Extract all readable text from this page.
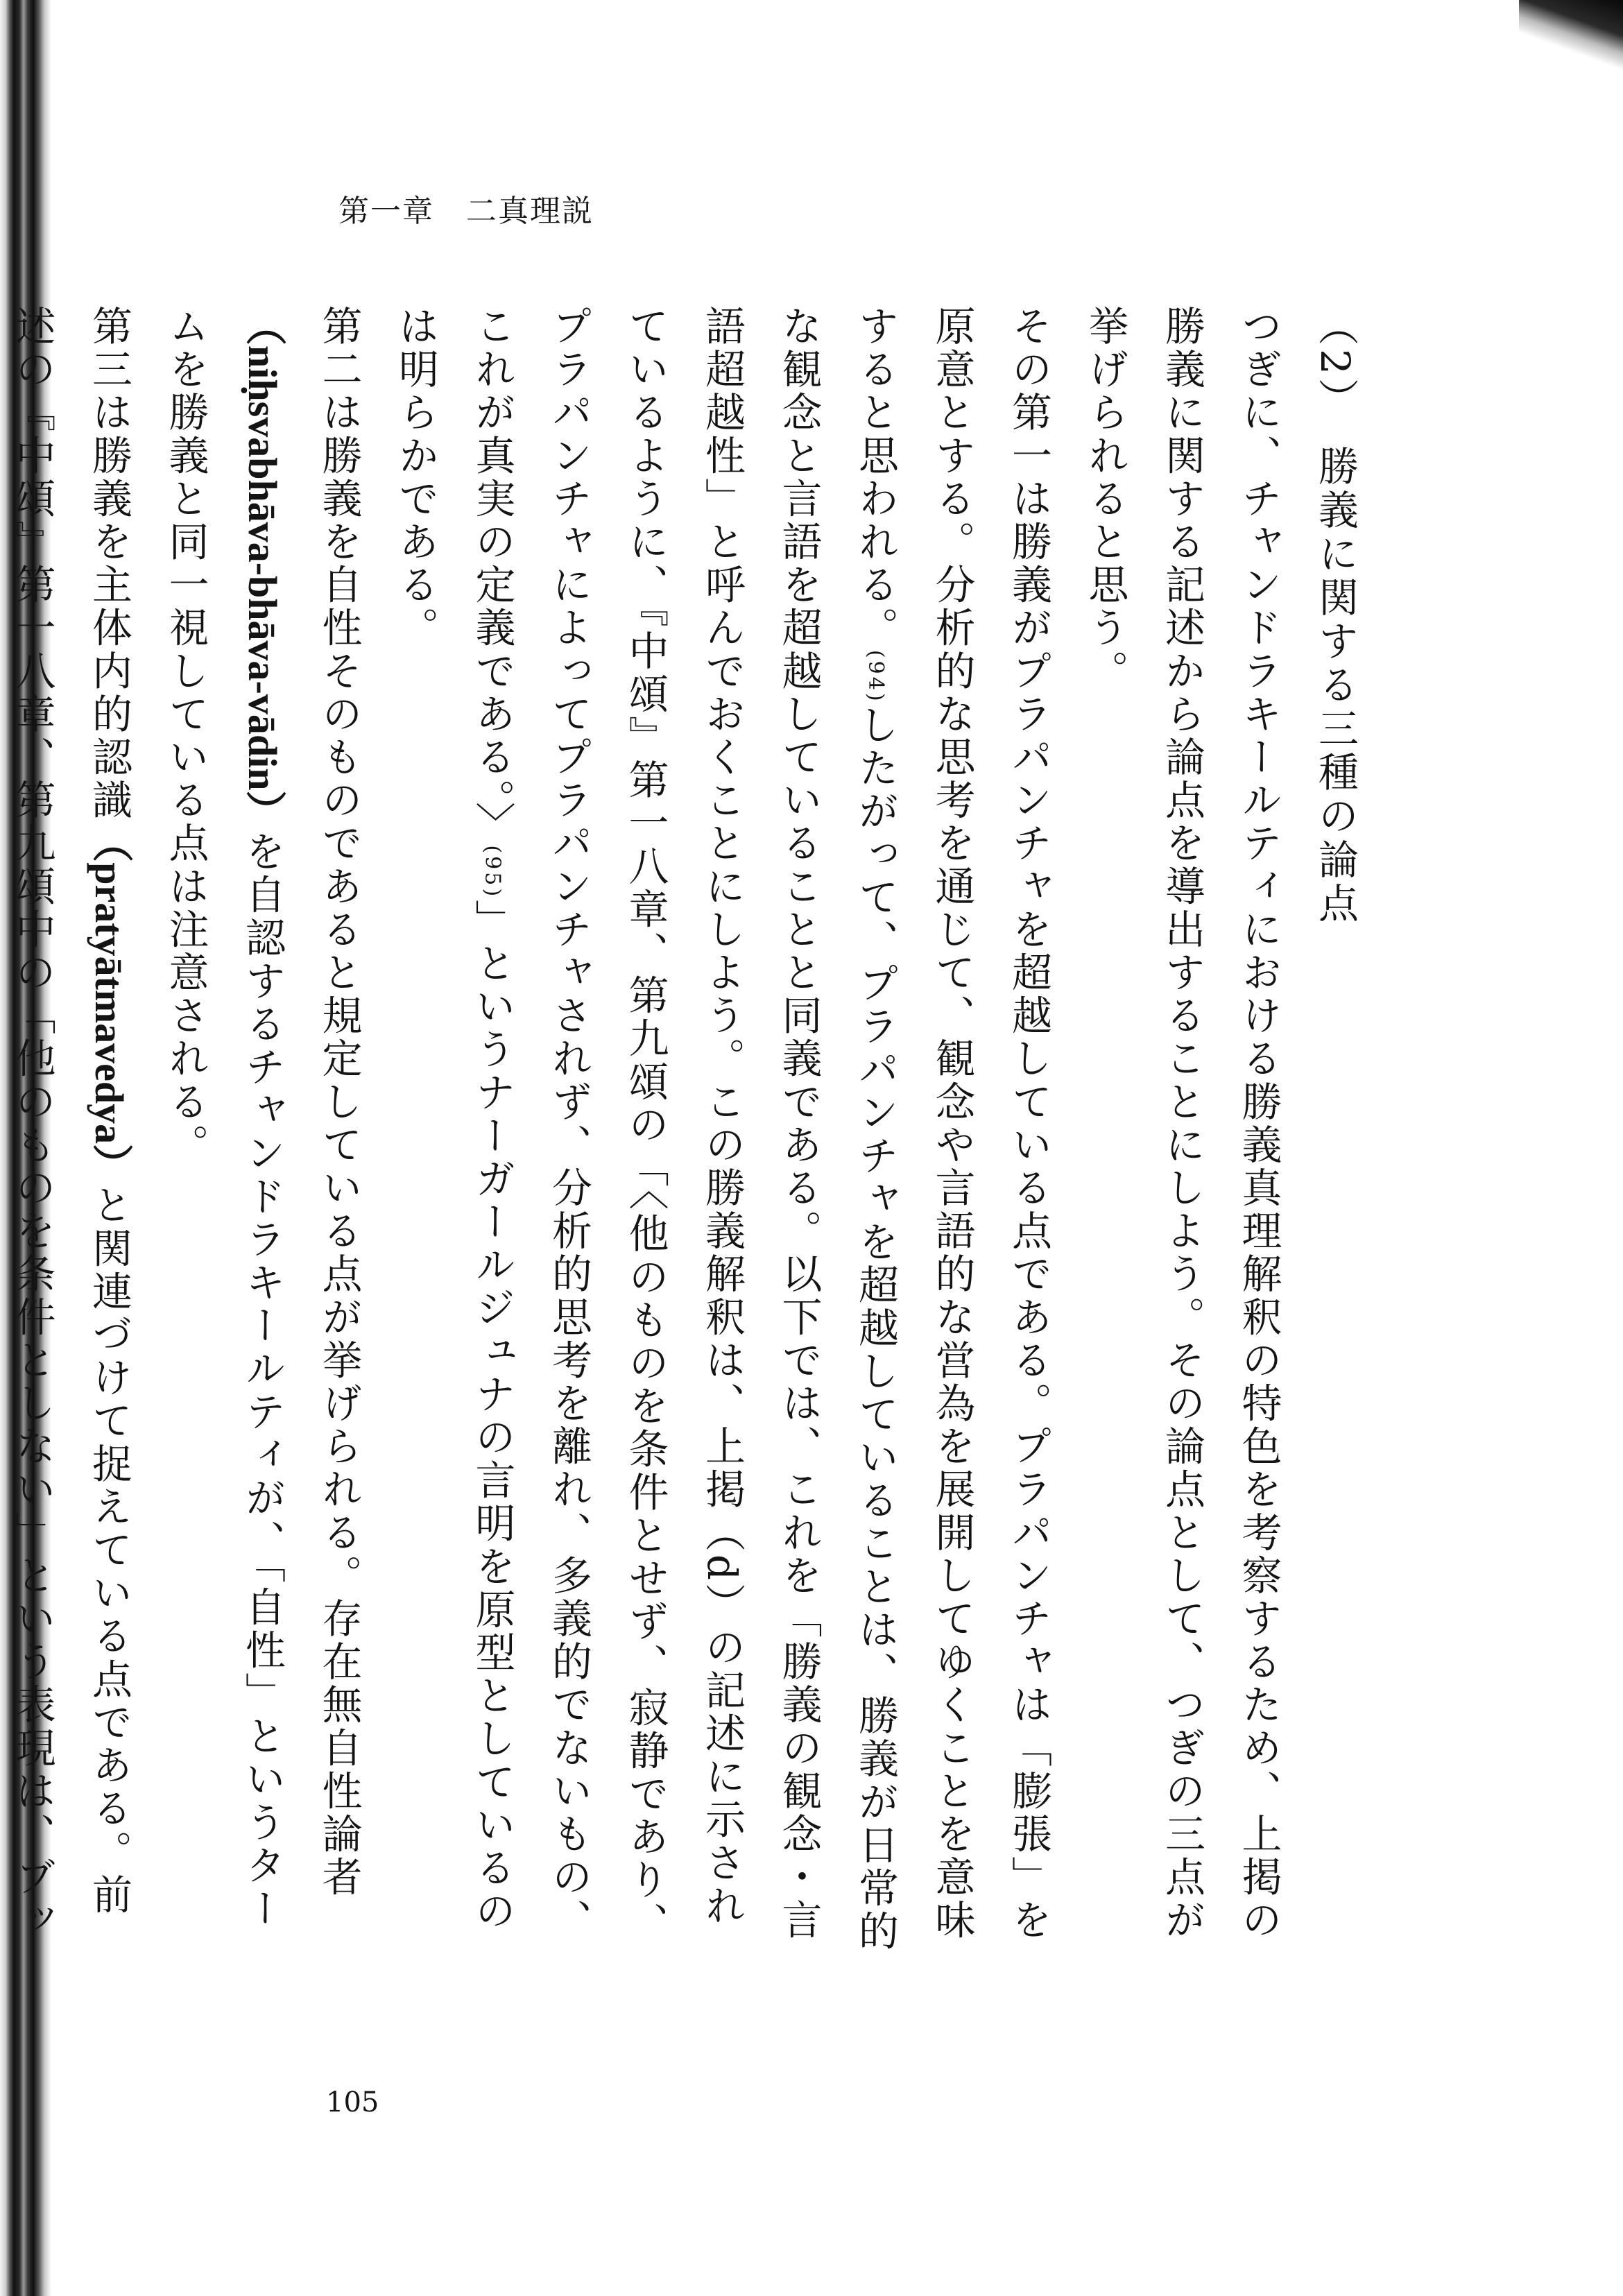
第一章　二真理説

（2）　勝義に関する三種の論点

つぎに、チャンドラキールティにおける勝義真理解釈の特色を考察するため、上掲の勝義に関する記述から論点を導出することにしよう。その論点として、つぎの三点が挙げられると思う。

その第一は勝義がプラパンチャを超越している点である。プラパンチャは「膨張」を原意とする。分析的な思考を通じて、観念や言語的な営為を展開してゆくことを意味すると思われる。(94)したがって、プラパンチャを超越していることは、勝義が日常的な観念と言語を超越していることと同義である。以下では、これを「勝義の観念・言語超越性」と呼んでおくことにしよう。この勝義解釈は、上掲（d）の記述に示されているように、『中頌』第一八章、第九頌の「〈他のものを条件とせず、寂静であり、プラパンチャによってプラパンチャされず、分析的思考を離れ、多義的でないもの、これが真実の定義である。〉(95)」というナーガールジュナの言明を原型としているのは明らかである。

第二は勝義を自性そのものであると規定している点が挙げられる。存在無自性論者（niḥsvabhāva-bhāva-vādin）を自認するチャンドラキールティが、「自性」というタームを勝義と同一視している点は注意される。

第三は勝義を主体内的認識（pratyātmavedya）と関連づけて捉えている点である。前述の『中頌』第一八章、第九頌中の「他のものを条件としない」という表現は、ブッ

105
